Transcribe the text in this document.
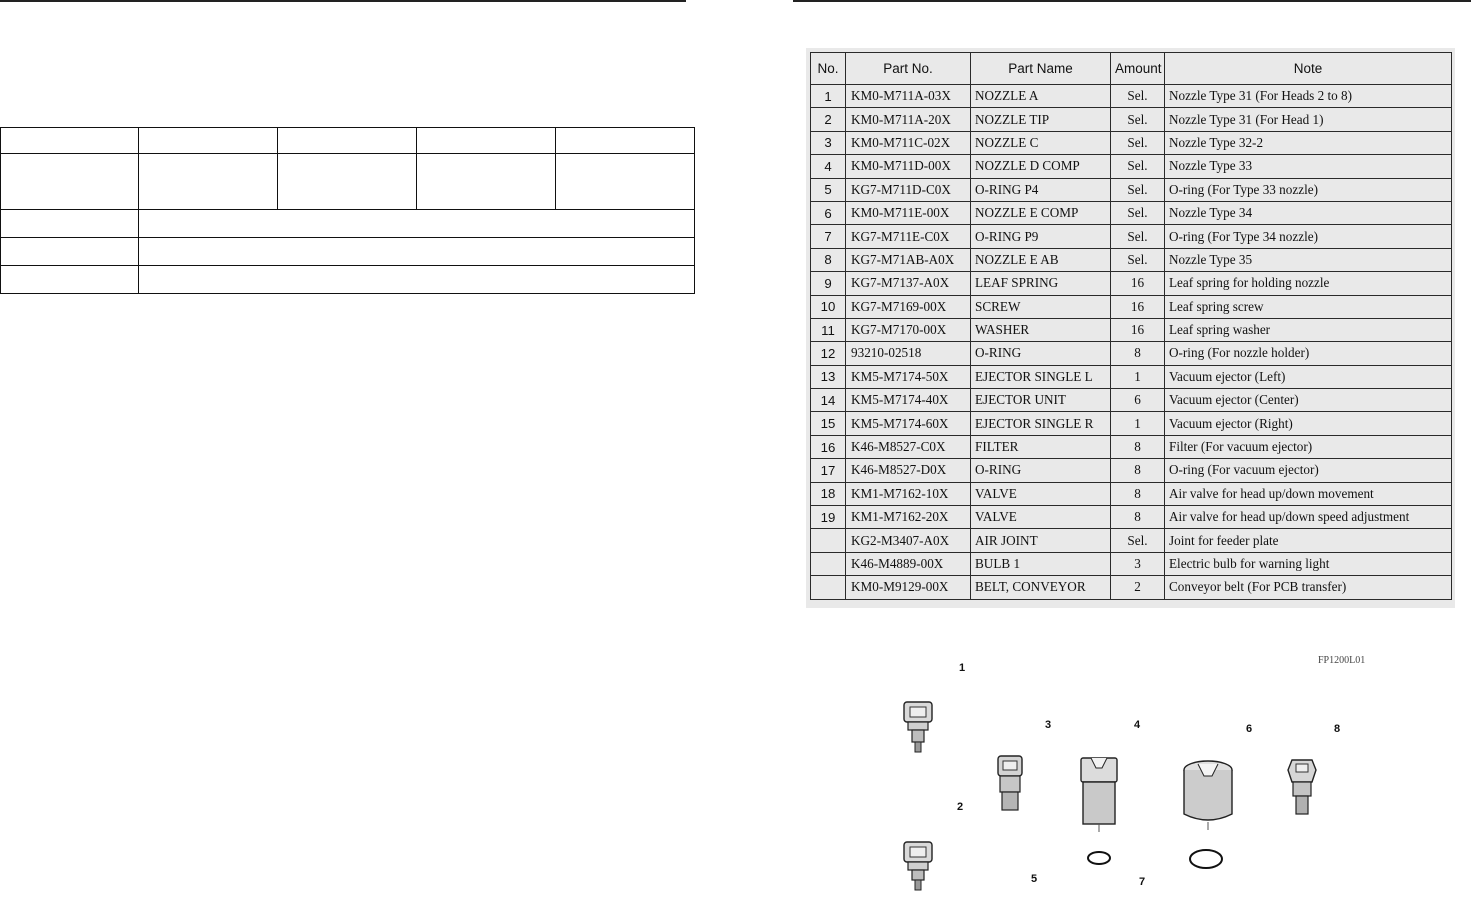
No.	Part No.	Part Name	Amount	Note
1	KM0-M711A-03X	NOZZLE A	Sel.	Nozzle Type 31 (For Heads 2 to 8)
2	KM0-M711A-20X	NOZZLE TIP	Sel.	Nozzle Type 31 (For Head 1)
3	KM0-M711C-02X	NOZZLE C	Sel.	Nozzle Type 32-2
4	KM0-M711D-00X	NOZZLE D COMP	Sel.	Nozzle Type 33
5	KG7-M711D-C0X	O-RING P4	Sel.	O-ring (For Type 33 nozzle)
6	KM0-M711E-00X	NOZZLE E COMP	Sel.	Nozzle Type 34
7	KG7-M711E-C0X	O-RING P9	Sel.	O-ring (For Type 34 nozzle)
8	KG7-M71AB-A0X	NOZZLE E AB	Sel.	Nozzle Type 35
9	KG7-M7137-A0X	LEAF SPRING	16	Leaf spring for holding nozzle
10	KG7-M7169-00X	SCREW	16	Leaf spring screw
11	KG7-M7170-00X	WASHER	16	Leaf spring washer
12	93210-02518	O-RING	8	O-ring (For nozzle holder)
13	KM5-M7174-50X	EJECTOR SINGLE L	1	Vacuum ejector (Left)
14	KM5-M7174-40X	EJECTOR UNIT	6	Vacuum ejector (Center)
15	KM5-M7174-60X	EJECTOR SINGLE R	1	Vacuum ejector (Right)
16	K46-M8527-C0X	FILTER	8	Filter (For vacuum ejector)
17	K46-M8527-D0X	O-RING	8	O-ring (For vacuum ejector)
18	KM1-M7162-10X	VALVE	8	Air valve for head up/down movement
19	KM1-M7162-20X	VALVE	8	Air valve for head up/down speed adjustment
	KG2-M3407-A0X	AIR JOINT	Sel.	Joint for feeder plate
	K46-M4889-00X	BULB 1	3	Electric bulb for warning light
	KM0-M9129-00X	BELT, CONVEYOR	2	Conveyor belt (For PCB transfer)
FP1200L01
1
2
3	4
5
6
7
8
